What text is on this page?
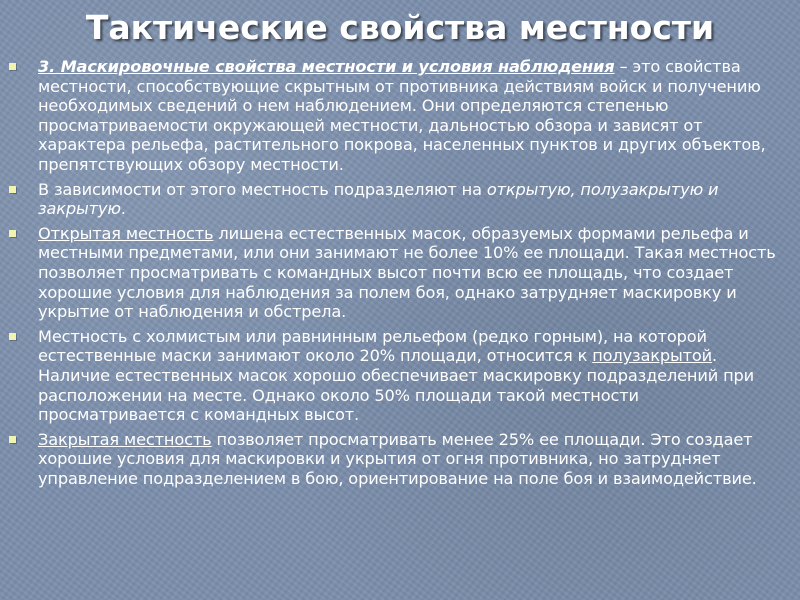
Тактические свойства местности

3. Маскировочные свойства местности и условия наблюдения – это свойства местности, способствующие скрытным от противника действиям войск и получению необходимых сведений о нем наблюдением. Они определяются степенью просматриваемости окружающей местности, дальностью обзора и зависят от характера рельефа, растительного покрова, населенных пунктов и других объектов, препятствующих обзору местности.

В зависимости от этого местность подразделяют на открытую, полузакрытую и закрытую.

Открытая местность лишена естественных масок, образуемых формами рельефа и местными предметами, или они занимают не более 10% ее площади. Такая местность позволяет просматривать с командных высот почти всю ее площадь, что создает хорошие условия для наблюдения за полем боя, однако затрудняет маскировку и укрытие от наблюдения и обстрела.

Местность с холмистым или равнинным рельефом (редко горным), на которой естественные маски занимают около 20% площади, относится к полузакрытой. Наличие естественных масок хорошо обеспечивает маскировку подразделений при расположении на месте. Однако около 50% площади такой местности просматривается с командных высот.

Закрытая местность позволяет просматривать менее 25% ее площади. Это создает хорошие условия для маскировки и укрытия от огня противника, но затрудняет управление подразделением в бою, ориентирование на поле боя и взаимодействие.
